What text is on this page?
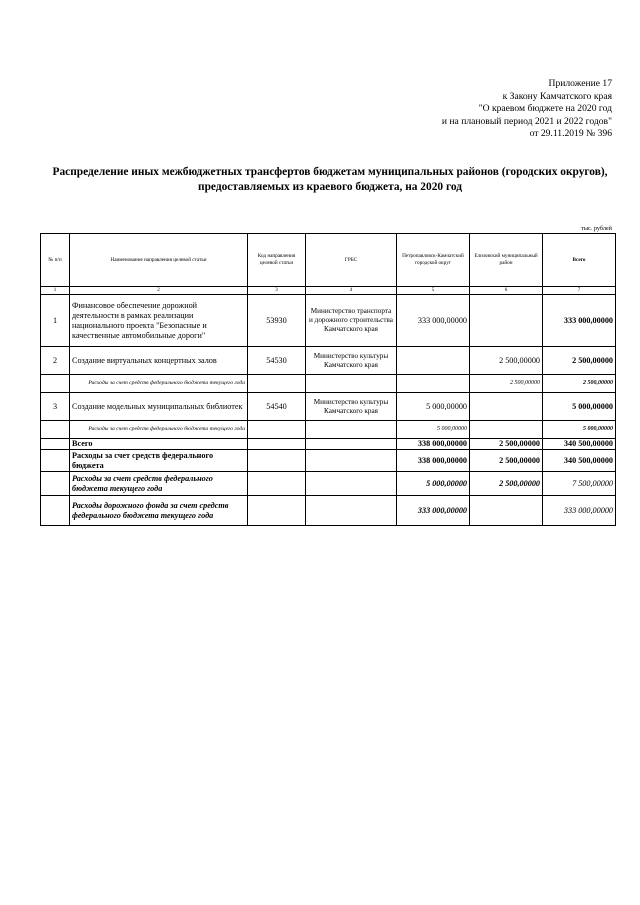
Приложение 17
к Закону Камчатского края
"О краевом бюджете на 2020 год
и на плановый период 2021 и 2022 годов"
от 29.11.2019 № 396
Распределение иных межбюджетных трансфертов бюджетам муниципальных районов (городских округов), предоставляемых из краевого бюджета, на 2020 год
тыс. рублей
№ п/п	Наименование направления целевой статьи	Код направления целевой статьи	ГРБС	Петропавловск-Камчатский городской округ	Елизовский муниципальный район	Всего
1	2	3	4	5	6	7
1	Финансовое обеспечение дорожной деятельности в рамках реализации национального проекта "Безопасные и качественные автомобильные дороги"	53930	Министерство транспорта и дорожного строительства Камчатского края	333 000,00000		333 000,00000
2	Создание виртуальных концертных залов	54530	Министерство культуры Камчатского края		2 500,00000	2 500,00000
	Расходы за счет средств федерального бюджета текущего года				2 500,00000	2 500,00000
3	Создание модельных муниципальных библиотек	54540	Министерство культуры Камчатского края	5 000,00000		5 000,00000
	Расходы за счет средств федерального бюджета текущего года			5 000,00000		5 000,00000
	Всего			338 000,00000	2 500,00000	340 500,00000
	Расходы за счет средств федерального бюджета			338 000,00000	2 500,00000	340 500,00000
	Расходы за счет средств федерального бюджета текущего года			5 000,00000	2 500,00000	7 500,00000
	Расходы дорожного фонда за счет средств федерального бюджета текущего года			333 000,00000		333 000,00000
